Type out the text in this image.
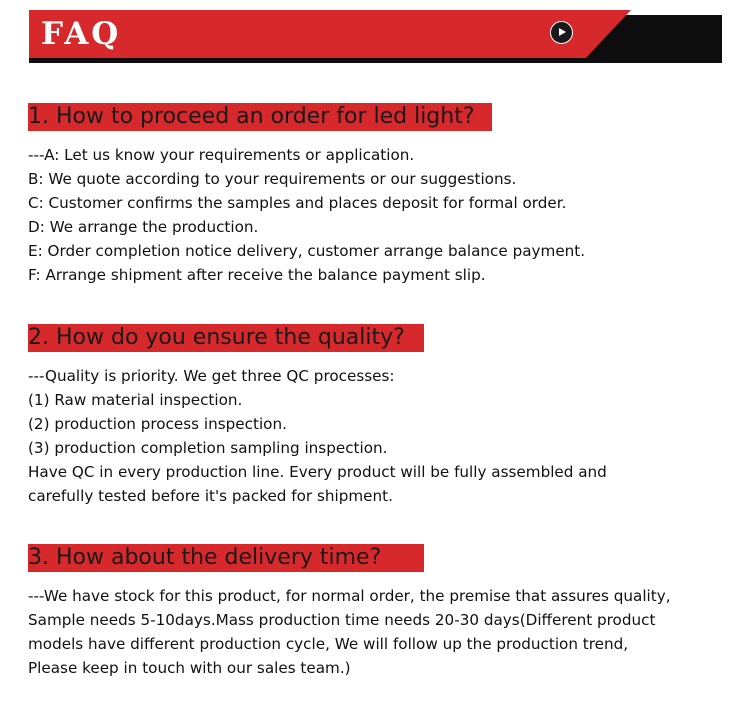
FAQ
1. How to proceed an order for led light?
---A: Let us know your requirements or application.
B: We quote according to your requirements or our suggestions.
C: Customer confirms the samples and places deposit for formal order.
D: We arrange the production.
E: Order completion notice delivery, customer arrange balance payment.
F: Arrange shipment after receive the balance payment slip.
2. How do you ensure the quality?
---Quality is priority. We get three QC processes:
(1) Raw material inspection.
(2) production process inspection.
(3) production completion sampling inspection.
Have QC in every production line. Every product will be fully assembled and
carefully tested before it's packed for shipment.
3. How about the delivery time?
---We have stock for this product, for normal order, the premise that assures quality,
Sample needs 5-10days.Mass production time needs 20-30 days(Different product
models have different production cycle, We will follow up the production trend,
Please keep in touch with our sales team.)
